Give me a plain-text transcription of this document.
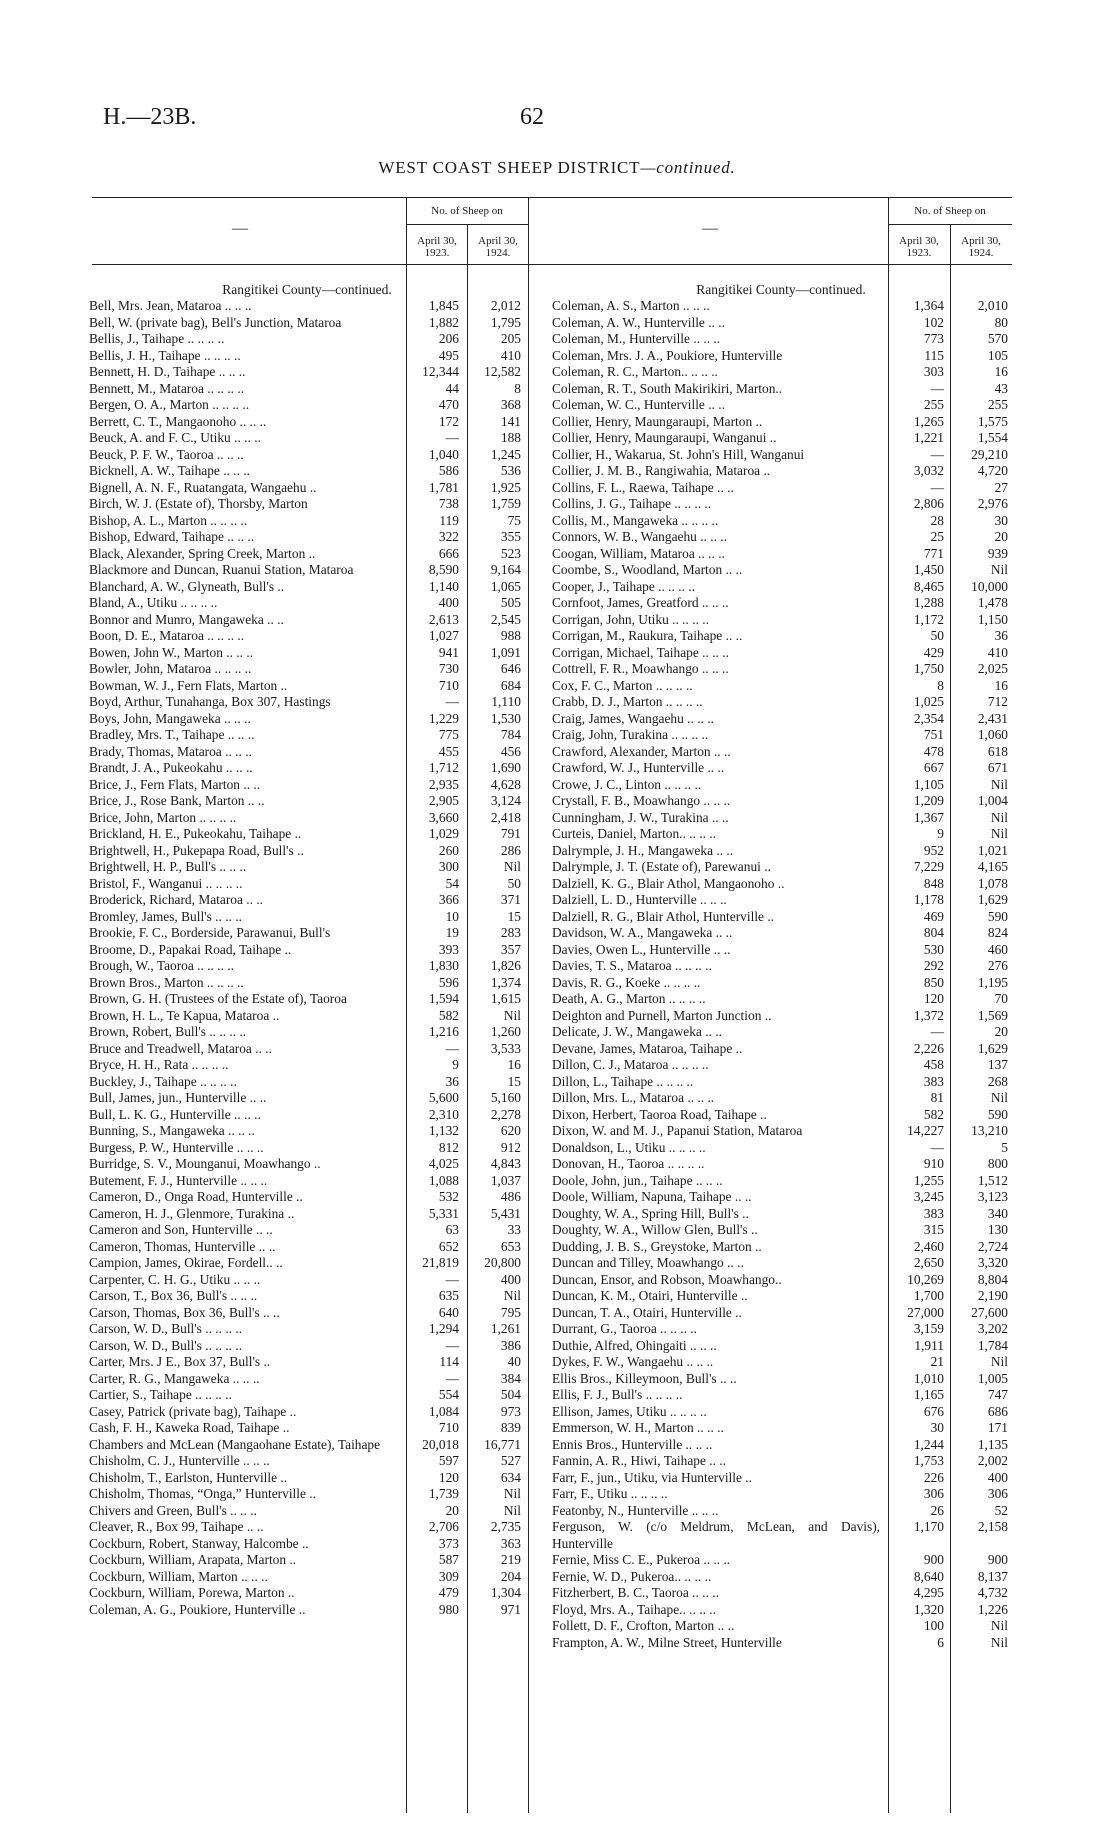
H.—23B.	62
WEST COAST SHEEP DISTRICT—continued.
—
No. of Sheep on
April 30, 1923.
April 30, 1924.
—
No. of Sheep on
April 30, 1923.
April 30, 1924.
Rangitikei County—continued.
Bell, Mrs. Jean, Mataroa .. .. ..	1,845 2,012
Bell, W. (private bag), Bell's Junction, Mataroa	1,882 1,795
Bellis, J., Taihape .. .. .. ..	206	205
Bellis, J. H., Taihape .. .. .. ..	495	410
Bennett, H. D., Taihape .. .. ..	12,344 12,582
Bennett, M., Mataroa .. .. .. ..	44	8
Bergen, O. A., Marton .. .. .. ..	470	368
Berrett, C. T., Mangaonoho .. .. ..	172	141
Beuck, A. and F. C., Utiku .. .. ..	—	188
Beuck, P. F. W., Taoroa .. .. ..	1,040 1,245
Bicknell, A. W., Taihape .. .. ..	586	536
Bignell, A. N. F., Ruatangata, Wangaehu ..	1,781 1,925
Birch, W. J. (Estate of), Thorsby, Marton	738 1,759
Bishop, A. L., Marton .. .. .. ..	119	75
Bishop, Edward, Taihape .. .. ..	322	355
Black, Alexander, Spring Creek, Marton ..	666	523
Blackmore and Duncan, Ruanui Station, Mataroa	8,590 9,164
Blanchard, A. W., Glyneath, Bull's ..	1,140 1,065
Bland, A., Utiku .. .. .. ..	400	505
Bonnor and Munro, Mangaweka .. ..	2,613 2,545
Boon, D. E., Mataroa .. .. .. ..	1,027	988
Bowen, John W., Marton .. .. ..	941 1,091
Bowler, John, Mataroa .. .. .. ..	730	646
Bowman, W. J., Fern Flats, Marton ..	710	684
Boyd, Arthur, Tunahanga, Box 307, Hastings	— 1,110
Boys, John, Mangaweka .. .. ..	1,229 1,530
Bradley, Mrs. T., Taihape .. .. ..	775	784
Brady, Thomas, Mataroa .. .. ..	455	456
Brandt, J. A., Pukeokahu .. .. ..	1,712 1,690
Brice, J., Fern Flats, Marton .. ..	2,935 4,628
Brice, J., Rose Bank, Marton .. ..	2,905 3,124
Brice, John, Marton .. .. .. ..	3,660 2,418
Brickland, H. E., Pukeokahu, Taihape ..	1,029	791
Brightwell, H., Pukepapa Road, Bull's ..	260	286
Brightwell, H. P., Bull's .. .. ..	300	Nil
Bristol, F., Wanganui .. .. .. ..	54	50
Broderick, Richard, Mataroa .. ..	366	371
Bromley, James, Bull's .. .. ..	10	15
Brookie, F. C., Borderside, Parawanui, Bull's	19	283
Broome, D., Papakai Road, Taihape ..	393	357
Brough, W., Taoroa .. .. .. ..	1,830 1,826
Brown Bros., Marton .. .. .. ..	596 1,374
Brown, G. H. (Trustees of the Estate of), Taoroa	1,594 1,615
Brown, H. L., Te Kapua, Mataroa ..	582	Nil
Brown, Robert, Bull's .. .. .. ..	1,216 1,260
Bruce and Treadwell, Mataroa .. ..	— 3,533
Bryce, H. H., Rata .. .. .. ..	9	16
Buckley, J., Taihape .. .. .. ..	36	15
Bull, James, jun., Hunterville .. ..	5,600 5,160
Bull, L. K. G., Hunterville .. .. ..	2,310 2,278
Bunning, S., Mangaweka .. .. ..	1,132	620
Burgess, P. W., Hunterville .. .. ..	812	912
Burridge, S. V., Mounganui, Moawhango ..	4,025 4,843
Butement, F. J., Hunterville .. .. ..	1,088 1,037
Cameron, D., Onga Road, Hunterville ..	532	486
Cameron, H. J., Glenmore, Turakina ..	5,331 5,431
Cameron and Son, Hunterville .. ..	63	33
Cameron, Thomas, Hunterville .. ..	652	653
Campion, James, Okirae, Fordell.. ..	21,819 20,800
Carpenter, C. H. G., Utiku .. .. ..	—	400
Carson, T., Box 36, Bull's .. .. ..	635	Nil
Carson, Thomas, Box 36, Bull's .. ..	640	795
Carson, W. D., Bull's .. .. .. ..	1,294 1,261
Carson, W. D., Bull's .. .. .. ..	—	386
Carter, Mrs. J E., Box 37, Bull's ..	114	40
Carter, R. G., Mangaweka .. .. ..	—	384
Cartier, S., Taihape .. .. .. ..	554	504
Casey, Patrick (private bag), Taihape ..	1,084	973
Cash, F. H., Kaweka Road, Taihape ..	710	839
Chambers and McLean (Mangaohane Estate), Taihape	20,018 16,771
Chisholm, C. J., Hunterville .. .. ..	597	527
Chisholm, T., Earlston, Hunterville ..	120	634
Chisholm, Thomas, “Onga,” Hunterville ..	1,739	Nil
Chivers and Green, Bull's .. .. ..	20	Nil
Cleaver, R., Box 99, Taihape .. ..	2,706 2,735
Cockburn, Robert, Stanway, Halcombe ..	373	363
Cockburn, William, Arapata, Marton ..	587	219
Cockburn, William, Marton .. .. ..	309	204
Cockburn, William, Porewa, Marton ..	479 1,304
Coleman, A. G., Poukiore, Hunterville ..	980	971
Rangitikei County—continued.
Coleman, A. S., Marton .. .. ..	1,364	2,010
Coleman, A. W., Hunterville .. ..	102	80
Coleman, M., Hunterville .. .. ..	773	570
Coleman, Mrs. J. A., Poukiore, Hunterville	115	105
Coleman, R. C., Marton.. .. .. ..	303	16
Coleman, R. T., South Makirikiri, Marton..	—	43
Coleman, W. C., Hunterville .. ..	255	255
Collier, Henry, Maungaraupi, Marton ..	1,265	1,575
Collier, Henry, Maungaraupi, Wanganui ..	1,221	1,554
Collier, H., Wakarua, St. John's Hill, Wanganui	— 29,210
Collier, J. M. B., Rangiwahia, Mataroa ..	3,032	4,720
Collins, F. L., Raewa, Taihape .. ..	—	27
Collins, J. G., Taihape .. .. .. ..	2,806	2,976
Collis, M., Mangaweka .. .. .. ..	28	30
Connors, W. B., Wangaehu .. .. ..	25	20
Coogan, William, Mataroa .. .. ..	771	939
Coombe, S., Woodland, Marton .. ..	1,450	Nil
Cooper, J., Taihape .. .. .. ..	8,465 10,000
Cornfoot, James, Greatford .. .. ..	1,288	1,478
Corrigan, John, Utiku .. .. .. ..	1,172	1,150
Corrigan, M., Raukura, Taihape .. ..	50	36
Corrigan, Michael, Taihape .. .. ..	429	410
Cottrell, F. R., Moawhango .. .. ..	1,750	2,025
Cox, F. C., Marton .. .. .. ..	8	16
Crabb, D. J., Marton .. .. .. ..	1,025	712
Craig, James, Wangaehu .. .. ..	2,354	2,431
Craig, John, Turakina .. .. .. ..	751	1,060
Crawford, Alexander, Marton .. ..	478	618
Crawford, W. J., Hunterville .. ..	667	671
Crowe, J. C., Linton .. .. .. ..	1,105	Nil
Crystall, F. B., Moawhango .. .. ..	1,209	1,004
Cunningham, J. W., Turakina .. ..	1,367	Nil
Curteis, Daniel, Marton.. .. .. ..	9	Nil
Dalrymple, J. H., Mangaweka .. ..	952	1,021
Dalrymple, J. T. (Estate of), Parewanui ..	7,229	4,165
Dalziell, K. G., Blair Athol, Mangaonoho ..	848	1,078
Dalziell, L. D., Hunterville .. .. ..	1,178	1,629
Dalziell, R. G., Blair Athol, Hunterville ..	469	590
Davidson, W. A., Mangaweka .. ..	804	824
Davies, Owen L., Hunterville .. ..	530	460
Davies, T. S., Mataroa .. .. .. ..	292	276
Davis, R. G., Koeke .. .. .. ..	850	1,195
Death, A. G., Marton .. .. .. ..	120	70
Deighton and Purnell, Marton Junction ..	1,372	1,569
Delicate, J. W., Mangaweka .. ..	—	20
Devane, James, Mataroa, Taihape ..	2,226	1,629
Dillon, C. J., Mataroa .. .. .. ..	458	137
Dillon, L., Taihape .. .. .. ..	383	268
Dillon, Mrs. L., Mataroa .. .. ..	81	Nil
Dixon, Herbert, Taoroa Road, Taihape ..	582	590
Dixon, W. and M. J., Papanui Station, Mataroa	14,227 13,210
Donaldson, L., Utiku .. .. .. ..	—	5
Donovan, H., Taoroa .. .. .. ..	910	800
Doole, John, jun., Taihape .. .. ..	1,255	1,512
Doole, William, Napuna, Taihape .. ..	3,245	3,123
Doughty, W. A., Spring Hill, Bull's ..	383	340
Doughty, W. A., Willow Glen, Bull's ..	315	130
Dudding, J. B. S., Greystoke, Marton ..	2,460	2,724
Duncan and Tilley, Moawhango .. ..	2,650	3,320
Duncan, Ensor, and Robson, Moawhango..	10,269	8,804
Duncan, K. M., Otairi, Hunterville ..	1,700	2,190
Duncan, T. A., Otairi, Hunterville ..	27,000 27,600
Durrant, G., Taoroa .. .. .. ..	3,159	3,202
Duthie, Alfred, Ohingaiti .. .. ..	1,911	1,784
Dykes, F. W., Wangaehu .. .. ..	21	Nil
Ellis Bros., Killeymoon, Bull's .. ..	1,010	1,005
Ellis, F. J., Bull's .. .. .. ..	1,165	747
Ellison, James, Utiku .. .. .. ..	676	686
Emmerson, W. H., Marton .. .. ..	30	171
Ennis Bros., Hunterville .. .. ..	1,244	1,135
Fannin, A. R., Hiwi, Taihape .. ..	1,753	2,002
Farr, F., jun., Utiku, via Hunterville ..	226	400
Farr, F., Utiku .. .. .. ..	306	306
Featonby, N., Hunterville .. .. ..	26	52
Ferguson, W. (c/o Meldrum, McLean, and Davis), Hunterville
1,170	2,158
Fernie, Miss C. E., Pukeroa .. .. ..	900	900
Fernie, W. D., Pukeroa.. .. .. ..	8,640	8,137
Fitzherbert, B. C., Taoroa .. .. ..	4,295	4,732
Floyd, Mrs. A., Taihape.. .. .. ..	1,320	1,226
Follett, D. F., Crofton, Marton .. ..	100	Nil
Frampton, A. W., Milne Street, Hunterville	6	Nil
